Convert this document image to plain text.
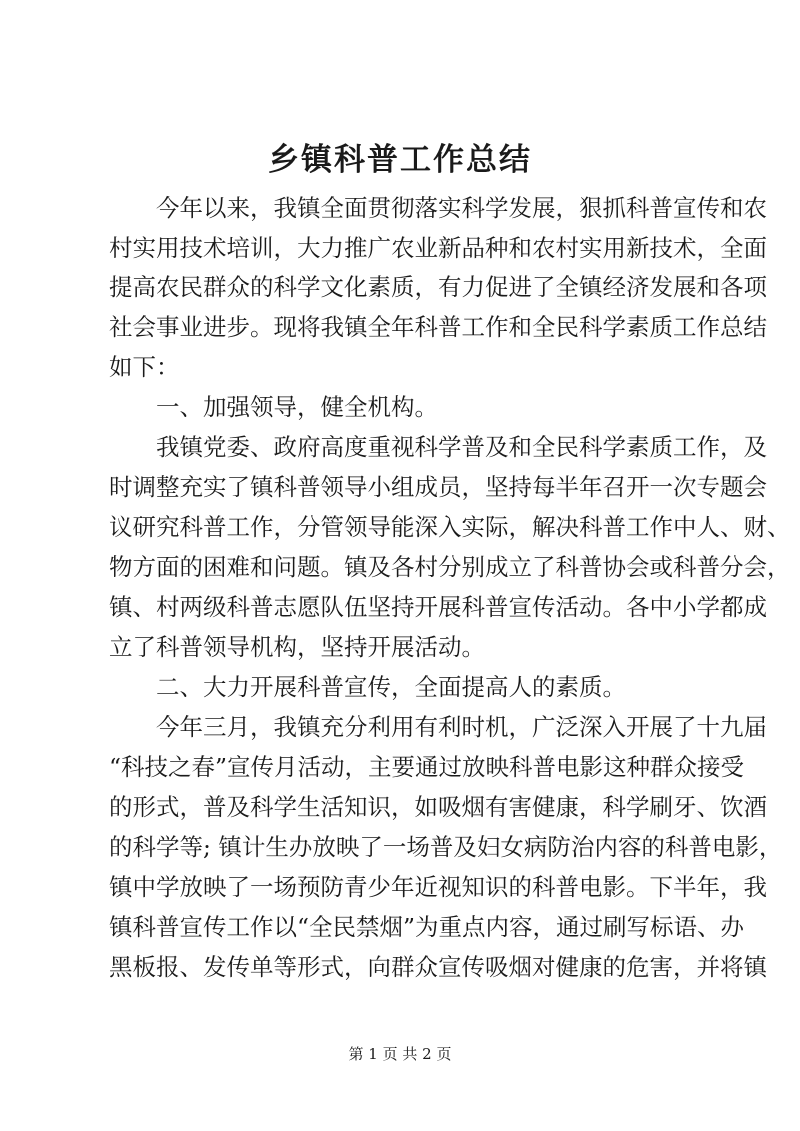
乡镇科普工作总结
今年以来，我镇全面贯彻落实科学发展，狠抓科普宣传和农
村实用技术培训，大力推广农业新品种和农村实用新技术，全面
提高农民群众的科学文化素质，有力促进了全镇经济发展和各项
社会事业进步。现将我镇全年科普工作和全民科学素质工作总结
如下：
一、加强领导，健全机构。
我镇党委、政府高度重视科学普及和全民科学素质工作，及
时调整充实了镇科普领导小组成员，坚持每半年召开一次专题会
议研究科普工作，分管领导能深入实际，解决科普工作中人、财、
物方面的困难和问题。镇及各村分别成立了科普协会或科普分会，
镇、村两级科普志愿队伍坚持开展科普宣传活动。各中小学都成
立了科普领导机构，坚持开展活动。
二、大力开展科普宣传，全面提高人的素质。
今年三月，我镇充分利用有利时机，广泛深入开展了十九届
“科技之春”宣传月活动，主要通过放映科普电影这种群众接受
的形式，普及科学生活知识，如吸烟有害健康，科学刷牙、饮酒
的科学等; 镇计生办放映了一场普及妇女病防治内容的科普电影，
镇中学放映了一场预防青少年近视知识的科普电影。下半年，我
镇科普宣传工作以“全民禁烟”为重点内容，通过刷写标语、办
黑板报、发传单等形式，向群众宣传吸烟对健康的危害，并将镇
第 1 页 共 2 页
